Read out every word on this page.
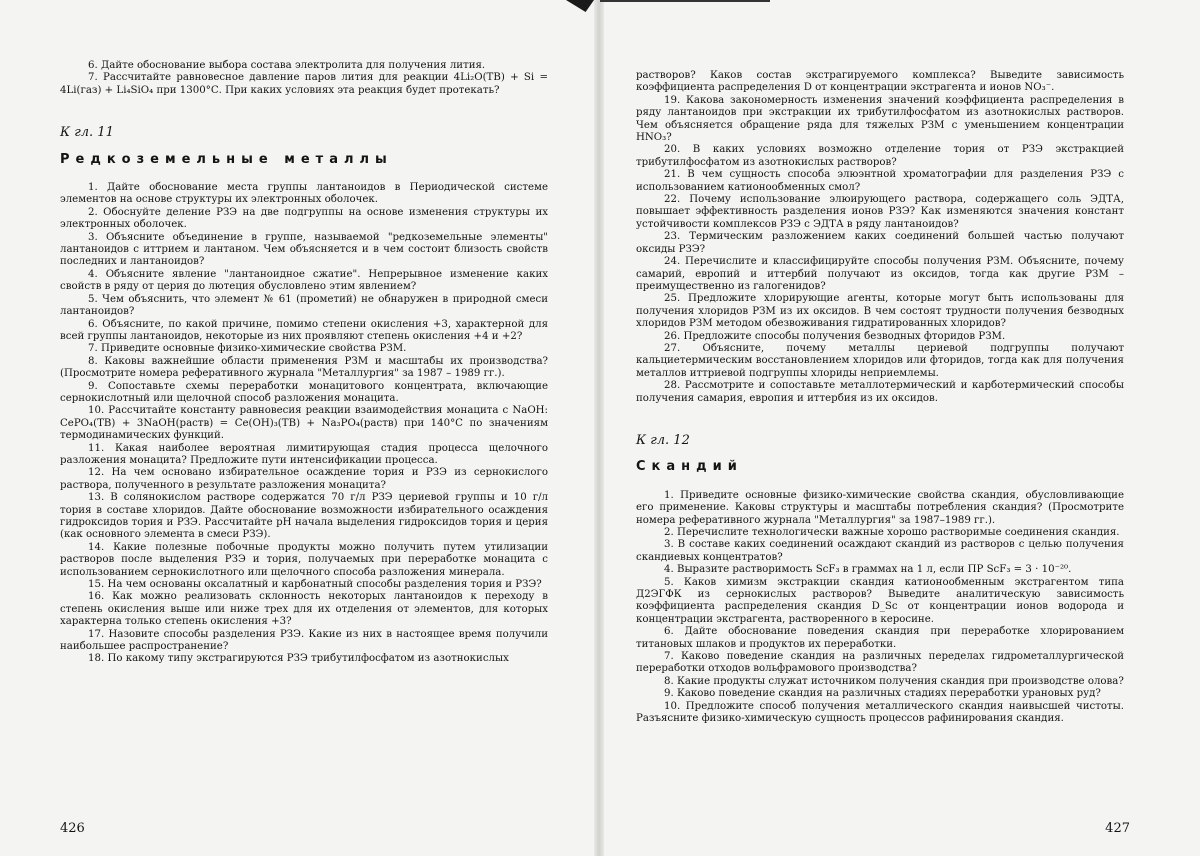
6. Дайте обоснование выбора состава электролита для получения лития.

7. Рассчитайте равновесное давление паров лития для реакции 4Li₂O(ТВ) + Si = 4Li(газ) + Li₄SiO₄ при 1300°С. При каких условиях эта реакция будет протекать?

К гл. 11
Редкоземельные металлы

1. Дайте обоснование места группы лантаноидов в Периодической системе элементов на основе структуры их электронных оболочек.

2. Обоснуйте деление РЗЭ на две подгруппы на основе изменения структуры их электронных оболочек.

3. Объясните объединение в группе, называемой "редкоземельные элементы" лантаноидов с иттрием и лантаном. Чем объясняется и в чем состоит близость свойств последних и лантаноидов?

4. Объясните явление "лантаноидное сжатие". Непрерывное изменение каких свойств в ряду от церия до лютеция обусловлено этим явлением?

5. Чем объяснить, что элемент № 61 (прометий) не обнаружен в природной смеси лантаноидов?

6. Объясните, по какой причине, помимо степени окисления +3, характерной для всей группы лантаноидов, некоторые из них проявляют степень окисления +4 и +2?

7. Приведите основные физико-химические свойства РЗМ.

8. Каковы важнейшие области применения РЗМ и масштабы их производства? (Просмотрите номера реферативного журнала "Металлургия" за 1987 – 1989 гг.).

9. Сопоставьте схемы переработки монацитового концентрата, включающие сернокислотный или щелочной способ разложения монацита.

10. Рассчитайте константу равновесия реакции взаимодействия монацита с NaOH: CePO₄(ТВ) + 3NaOH(раств) = Ce(OH)₃(ТВ) + Na₃PO₄(раств) при 140°С по значениям термодинамических функций.

11. Какая наиболее вероятная лимитирующая стадия процесса щелочного разложения монацита? Предложите пути интенсификации процесса.

12. На чем основано избирательное осаждение тория и РЗЭ из сернокислого раствора, полученного в результате разложения монацита?

13. В солянокислом растворе содержатся 70 г/л РЗЭ цериевой группы и 10 г/л тория в составе хлоридов. Дайте обоснование возможности избирательного осаждения гидроксидов тория и РЗЭ. Рассчитайте pH начала выделения гидроксидов тория и церия (как основного элемента в смеси РЗЭ).

14. Какие полезные побочные продукты можно получить путем утилизации растворов после выделения РЗЭ и тория, получаемых при переработке монацита с использованием сернокислотного или щелочного способа разложения минерала.

15. На чем основаны оксалатный и карбонатный способы разделения тория и РЗЭ?

16. Как можно реализовать склонность некоторых лантаноидов к переходу в степень окисления выше или ниже трех для их отделения от элементов, для которых характерна только степень окисления +3?

17. Назовите способы разделения РЗЭ. Какие из них в настоящее время получили наибольшее распространение?

18. По какому типу экстрагируются РЗЭ трибутилфосфатом из азотнокислых

426

растворов? Каков состав экстрагируемого комплекса? Выведите зависимость коэффициента распределения D от концентрации экстрагента и ионов NO₃⁻.

19. Какова закономерность изменения значений коэффициента распределения в ряду лантаноидов при экстракции их трибутилфосфатом из азотнокислых растворов. Чем объясняется обращение ряда для тяжелых РЗМ с уменьшением концентрации HNO₃?

20. В каких условиях возможно отделение тория от РЗЭ экстракцией трибутилфосфатом из азотнокислых растворов?

21. В чем сущность способа элюэнтной хроматографии для разделения РЗЭ с использованием катионообменных смол?

22. Почему использование элюирующего раствора, содержащего соль ЭДТА, повышает эффективность разделения ионов РЗЭ? Как изменяются значения констант устойчивости комплексов РЗЭ с ЭДТА в ряду лантаноидов?

23. Термическим разложением каких соединений большей частью получают оксиды РЗЭ?

24. Перечислите и классифицируйте способы получения РЗМ. Объясните, почему самарий, европий и иттербий получают из оксидов, тогда как другие РЗМ – преимущественно из галогенидов?

25. Предложите хлорирующие агенты, которые могут быть использованы для получения хлоридов РЗМ из их оксидов. В чем состоят трудности получения безводных хлоридов РЗМ методом обезвоживания гидратированных хлоридов?

26. Предложите способы получения безводных фторидов РЗМ.

27. Объясните, почему металлы цериевой подгруппы получают кальциетермическим восстановлением хлоридов или фторидов, тогда как для получения металлов иттриевой подгруппы хлориды неприемлемы.

28. Рассмотрите и сопоставьте металлотермический и карботермический способы получения самария, европия и иттербия из их оксидов.

К гл. 12
Скандий

1. Приведите основные физико-химические свойства скандия, обусловливающие его применение. Каковы структуры и масштабы потребления скандия? (Просмотрите номера реферативного журнала "Металлургия" за 1987–1989 гг.).

2. Перечислите технологически важные хорошо растворимые соединения скандия.

3. В составе каких соединений осаждают скандий из растворов с целью получения скандиевых концентратов?

4. Выразите растворимость ScF₃ в граммах на 1 л, если ПР ScF₃ = 3 · 10⁻²⁰.

5. Каков химизм экстракции скандия катионообменным экстрагентом типа Д2ЭГФК из сернокислых растворов? Выведите аналитическую зависимость коэффициента распределения скандия D_Sc от концентрации ионов водорода и концентрации экстрагента, растворенного в керосине.

6. Дайте обоснование поведения скандия при переработке хлорированием титановых шлаков и продуктов их переработки.

7. Каково поведение скандия на различных переделах гидрометаллургической переработки отходов вольфрамового производства?

8. Какие продукты служат источником получения скандия при производстве олова?

9. Каково поведение скандия на различных стадиях переработки урановых руд?

10. Предложите способ получения металлического скандия наивысшей чистоты. Разъясните физико-химическую сущность процессов рафинирования скандия.

427
